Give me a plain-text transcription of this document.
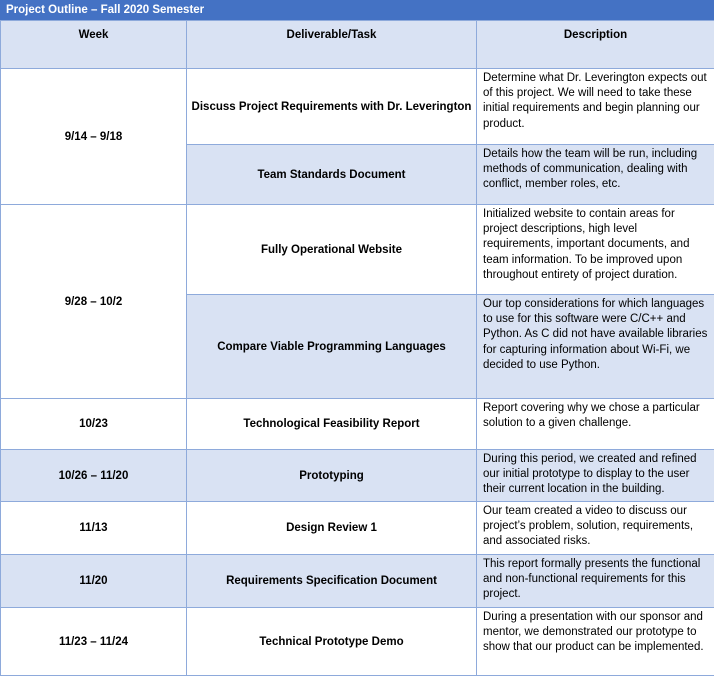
Project Outline – Fall 2020 Semester
Week	Deliverable/Task	Description
9/14 – 9/18	Discuss Project Requirements with Dr. Leverington	Determine what Dr. Leverington expects out of this project. We will need to take these initial requirements and begin planning our product.
	Team Standards Document	Details how the team will be run, including methods of communication, dealing with conflict, member roles, etc.
9/28 – 10/2	Fully Operational Website	Initialized website to contain areas for project descriptions, high level requirements, important documents, and team information. To be improved upon throughout entirety of project duration.
	Compare Viable Programming Languages	Our top considerations for which languages to use for this software were C/C++ and Python. As C did not have available libraries for capturing information about Wi-Fi, we decided to use Python.
10/23	Technological Feasibility Report	Report covering why we chose a particular solution to a given challenge.
10/26 – 11/20	Prototyping	During this period, we created and refined our initial prototype to display to the user their current location in the building.
11/13	Design Review 1	Our team created a video to discuss our project’s problem, solution, requirements, and associated risks.
11/20	Requirements Specification Document	This report formally presents the functional and non-functional requirements for this project.
11/23 – 11/24	Technical Prototype Demo	During a presentation with our sponsor and mentor, we demonstrated our prototype to show that our product can be implemented.
